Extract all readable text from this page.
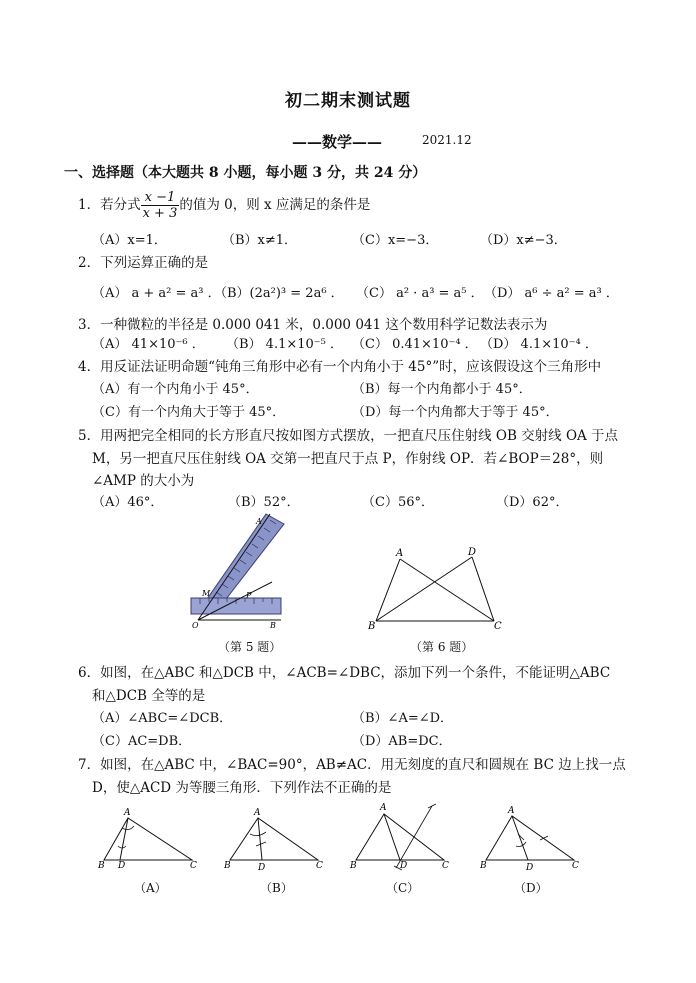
初二期末测试题
——数学——	2021.12
一、选择题（本大题共 8 小题，每小题 3 分，共 24 分）
1．若分式 $\frac{x -1}{x + 3}$ 的值为 0，则 x 应满足的条件是
（A）x=1．	（B）x≠1．	（C）x=−3．	（D）x≠−3．
2．下列运算正确的是
（A） a + a² = a³ ．
（B）(2a²)³ = 2a⁶ ． （C） a² · a³ = a⁵ ． （D） a⁶ ÷ a² = a³ ．
3．一种微粒的半径是 0.000 041 米，0.000 041 这个数用科学记数法表示为
（A） 41×10⁻⁶ ． （B） 4.1×10⁻⁵ ． （C） 0.41×10⁻⁴ ． （D） 4.1×10⁻⁴ ．
4．用反证法证明命题“钝角三角形中必有一个内角小于 45°”时，应该假设这个三角形中
（A）有一个内角小于 45°．	（B）每一个内角都小于 45°．
（C）有一个内角大于等于 45°．	（D）每一个内角都大于等于 45°．
5．用两把完全相同的长方形直尺按如图方式摆放，一把直尺压住射线 OB 交射线 OA 于点
M，另一把直尺压住射线 OA 交第一把直尺于点 P，作射线 OP．若∠BOP＝28°，则
∠AMP 的大小为
（A）46°．	（B）52°．	（C）56°．	（D）62°．
A
M	P
O	B
（第 5 题）
A	D
B	C
（第 6 题）
6．如图，在△ABC 和△DCB 中，∠ACB=∠DBC，添加下列一个条件，不能证明△ABC
和△DCB 全等的是
（A）∠ABC=∠DCB．	（B）∠A=∠D．
（C）AC=DB．	（D）AB=DC．
7．如图，在△ABC 中，∠BAC=90°，AB≠AC．用无刻度的直尺和圆规在 BC 边上找一点
D，使△ACD 为等腰三角形．下列作法不正确的是
A
B D	C
（A）
A
B	D	C
（B）
A
B	D	C
（C）
A
B	D	C
（D）
